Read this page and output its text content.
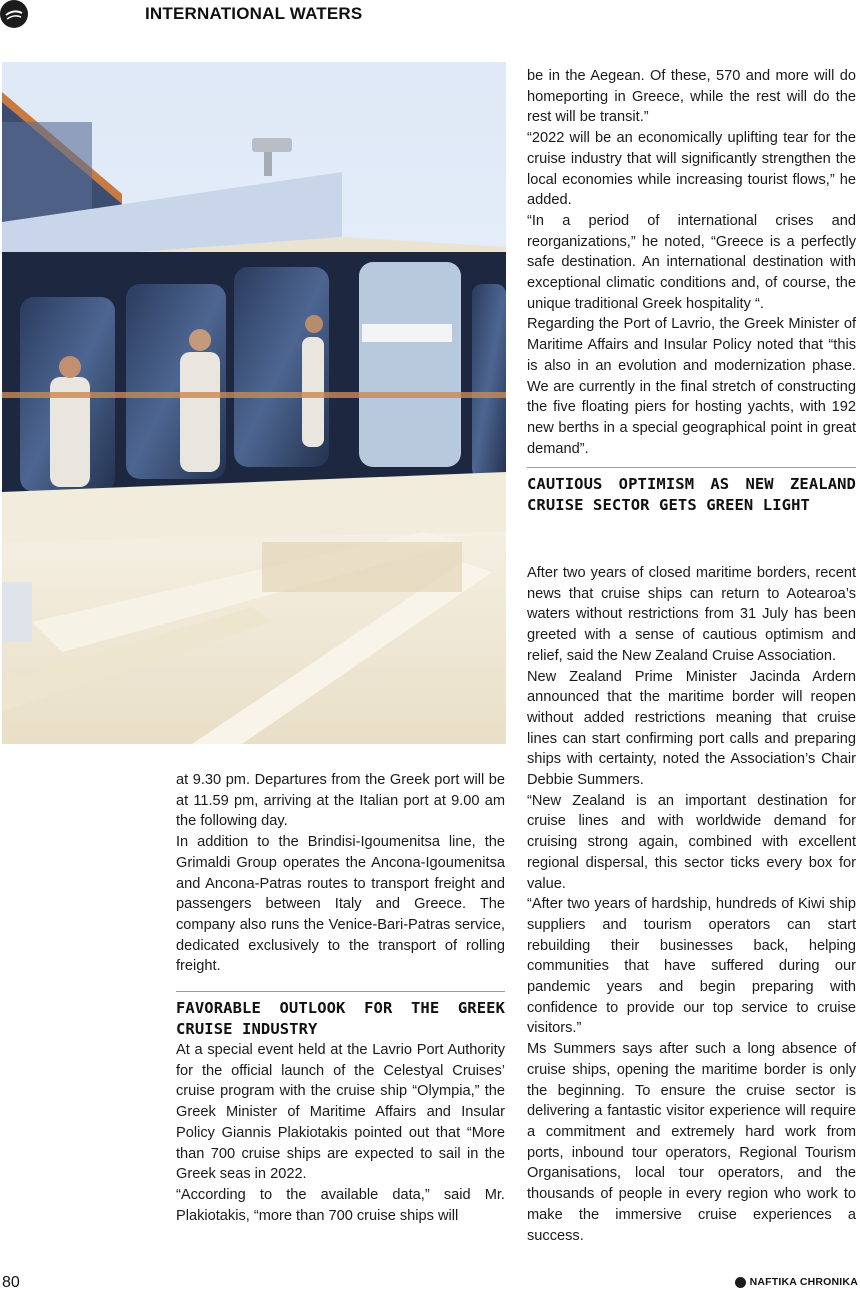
INTERNATIONAL WATERS

at 9.30 pm. Departures from the Greek port will be at 11.59 pm, arriving at the Italian port at 9.00 am the following day.

In addition to the Brindisi-Igoumenitsa line, the Grimaldi Group operates the Ancona-Igoumenitsa and Ancona-Patras routes to transport freight and passengers between Italy and Greece. The company also runs the Venice-Bari-Patras service, dedicated exclusively to the transport of rolling freight.

FAVORABLE OUTLOOK FOR THE GREEK CRUISE INDUSTRY

At a special event held at the Lavrio Port Authority for the official launch of the Celestyal Cruises’ cruise program with the cruise ship “Olympia,” the Greek Minister of Maritime Affairs and Insular Policy Giannis Plakiotakis pointed out that “More than 700 cruise ships are expected to sail in the Greek seas in 2022.

“According to the available data,” said Mr. Plakiotakis, “more than 700 cruise ships will

be in the Aegean. Of these, 570 and more will do homeporting in Greece, while the rest will do the rest will be transit.”

“2022 will be an economically uplifting tear for the cruise industry that will significantly strengthen the local economies while increasing tourist flows,” he added.

“In a period of international crises and reorganizations,” he noted, “Greece is a perfectly safe destination. An international destination with exceptional climatic conditions and, of course, the unique traditional Greek hospitality “.

Regarding the Port of Lavrio, the Greek Minister of Maritime Affairs and Insular Policy noted that “this is also in an evolution and modernization phase. We are currently in the final stretch of constructing the five floating piers for hosting yachts, with 192 new berths in a special geographical point in great demand”.

CAUTIOUS OPTIMISM AS NEW ZEALAND CRUISE SECTOR GETS GREEN LIGHT

After two years of closed maritime borders, recent news that cruise ships can return to Aotearoa’s waters without restrictions from 31 July has been greeted with a sense of cautious optimism and relief, said the New Zealand Cruise Association.

New Zealand Prime Minister Jacinda Ardern announced that the maritime border will reopen without added restrictions meaning that cruise lines can start confirming port calls and preparing ships with certainty, noted the Association’s Chair Debbie Summers.

“New Zealand is an important destination for cruise lines and with worldwide demand for cruising strong again, combined with excellent regional dispersal, this sector ticks every box for value.

“After two years of hardship, hundreds of Kiwi ship suppliers and tourism operators can start rebuilding their businesses back, helping communities that have suffered during our pandemic years and begin preparing with confidence to provide our top service to cruise visitors.”

Ms Summers says after such a long absence of cruise ships, opening the maritime border is only the beginning. To ensure the cruise sector is delivering a fantastic visitor experience will require a commitment and extremely hard work from ports, inbound tour operators, Regional Tourism Organisations, local tour operators, and the thousands of people in every region who work to make the immersive cruise experiences a success.

80	NAFTIKA CHRONIKA
